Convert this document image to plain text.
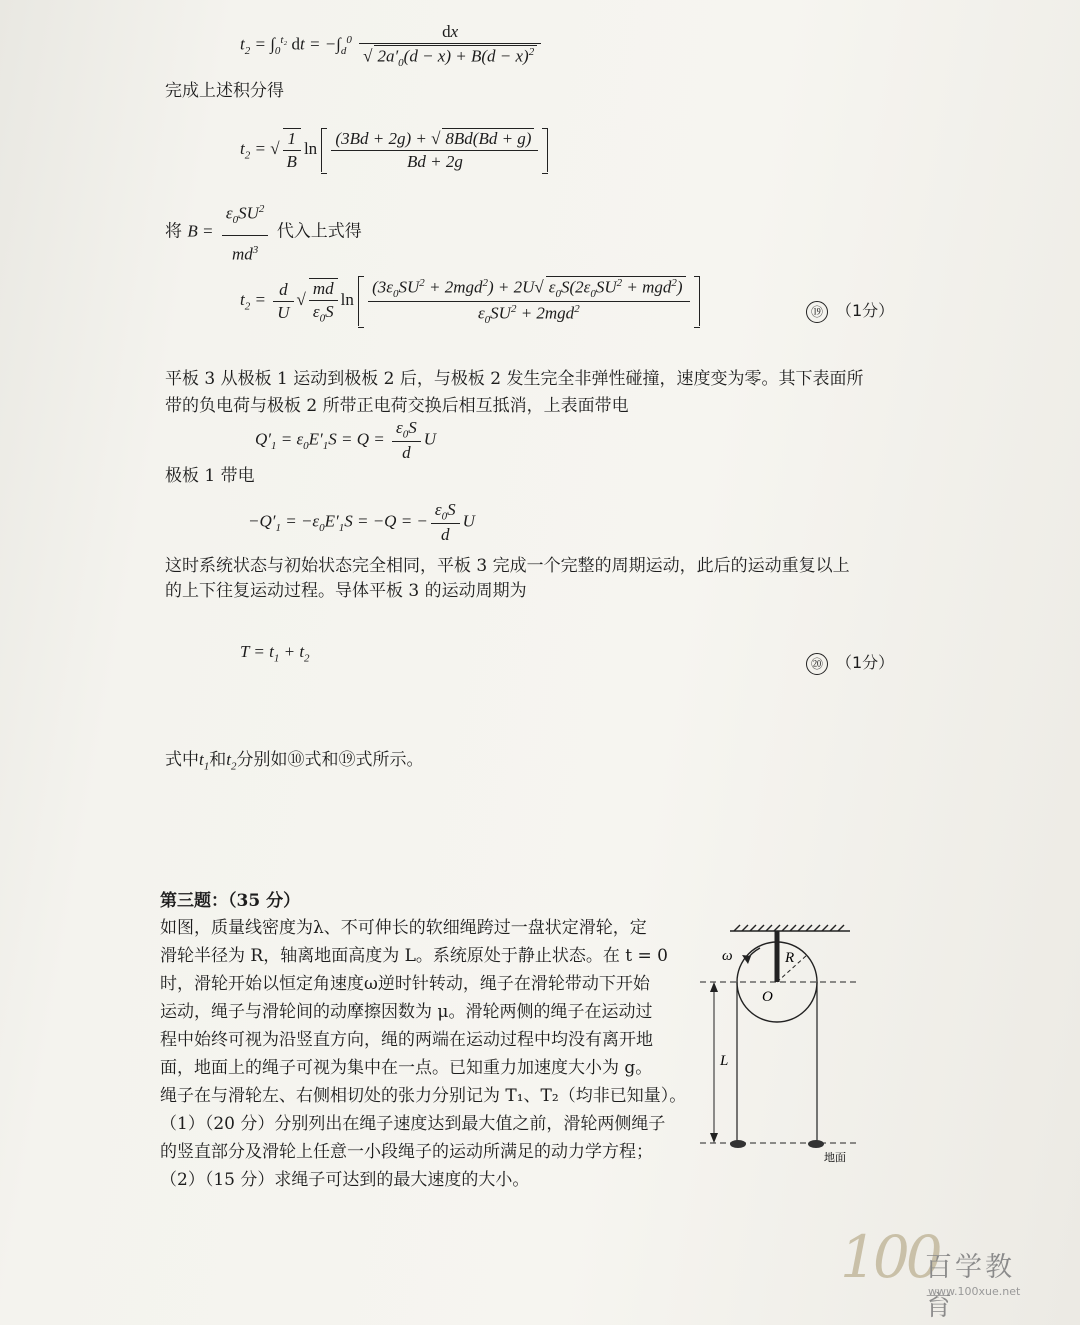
$t_2 = \int_0^{t_2}$ dt = $-\int_d^0 \frac{dx}{√ 2a'_0(d - x) + B(d - x)^2}$
完成上述积分得
$t_2$ = √ $\frac{1}{B}$ $\ln \frac{(3Bd + 2g) + √ 8Bd(Bd + g)}{Bd + 2g}$
将 $B = \frac{\varepsilon_0SU^2}{md^3}$ 代入上式得
$t_2 = \frac{d}{U}$ √ $\frac{md}{\varepsilon_0S}$ $\ln \frac{(3\varepsilon_0SU^2 + 2mgd^2) + 2U√ \varepsilon_0S(2\varepsilon_0SU^2 + mgd^2)}{\varepsilon_0SU^2 + 2mgd^2}$	⑲ （1分）
平板 3 从极板 1 运动到极板 2 后，与极板 2 发生完全非弹性碰撞，速度变为零。其下表面所
带的负电荷与极板 2 所带正电荷交换后相互抵消，上表面带电
$Q'_1 = \varepsilon_0E'_1S = Q = \frac{\varepsilon_0S}{d}$ U
极板 1 带电
$-Q'_1 = -\varepsilon_0E'_1S = -Q$ = − $\frac{\varepsilon_0S}{d}$ U
这时系统状态与初始状态完全相同，平板 3 完成一个完整的周期运动，此后的运动重复以上
的上下往复运动过程。导体平板 3 的运动周期为
$T = t_1 + t_2$	⑳ （1分）
式中$t_1$和$t_2$分别如⑩式和⑲式所示。
第三题：（35 分）

如图，质量线密度为λ、不可伸长的软细绳跨过一盘状定滑轮，定

滑轮半径为 R，轴离地面高度为 L。系统原处于静止状态。在 t = 0

时，滑轮开始以恒定角速度ω逆时针转动，绳子在滑轮带动下开始

运动，绳子与滑轮间的动摩擦因数为 μ。滑轮两侧的绳子在运动过

程中始终可视为沿竖直方向，绳的两端在运动过程中均没有离开地

面，地面上的绳子可视为集中在一点。已知重力加速度大小为 g。

绳子在与滑轮左、右侧相切处的张力分别记为 T₁、T₂（均非已知量）。

（1）（20 分）分别列出在绳子速度达到最大值之前，滑轮两侧绳子

的竖直部分及滑轮上任意一小段绳子的运动所满足的动力学方程；

（2）（15 分）求绳子可达到的最大速度的大小。

ω	R
O
L
地面
100
百学教育
www.100xue.net
